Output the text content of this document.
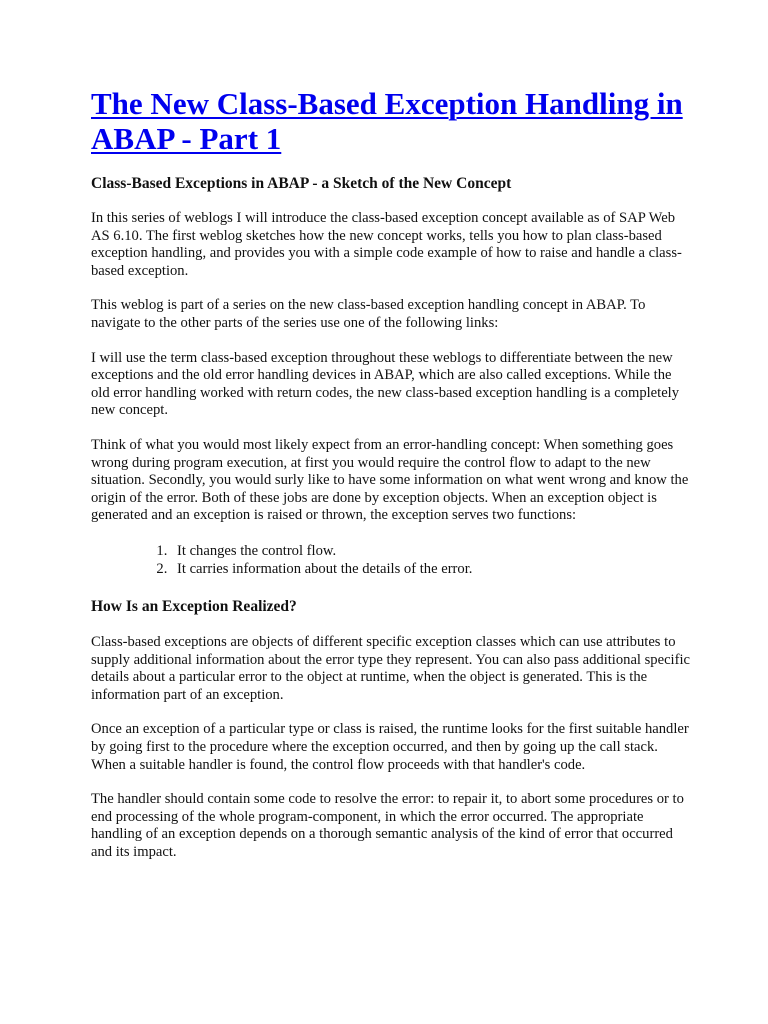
The New Class-Based Exception Handling in ABAP - Part 1
Class-Based Exceptions in ABAP - a Sketch of the New Concept

In this series of weblogs I will introduce the class-based exception concept available as of SAP Web AS 6.10. The first weblog sketches how the new concept works, tells you how to plan class-based exception handling, and provides you with a simple code example of how to raise and handle a class-based exception.

This weblog is part of a series on the new class-based exception handling concept in ABAP. To navigate to the other parts of the series use one of the following links:

I will use the term class-based exception throughout these weblogs to differentiate between the new exceptions and the old error handling devices in ABAP, which are also called exceptions. While the old error handling worked with return codes, the new class-based exception handling is a completely new concept.

Think of what you would most likely expect from an error-handling concept: When something goes wrong during program execution, at first you would require the control flow to adapt to the new situation. Secondly, you would surly like to have some information on what went wrong and know the origin of the error. Both of these jobs are done by exception objects. When an exception object is generated and an exception is raised or thrown, the exception serves two functions:

1. It changes the control flow.
2. It carries information about the details of the error.
How Is an Exception Realized?

Class-based exceptions are objects of different specific exception classes which can use attributes to supply additional information about the error type they represent. You can also pass additional specific details about a particular error to the object at runtime, when the object is generated. This is the information part of an exception.

Once an exception of a particular type or class is raised, the runtime looks for the first suitable handler by going first to the procedure where the exception occurred, and then by going up the call stack. When a suitable handler is found, the control flow proceeds with that handler's code.

The handler should contain some code to resolve the error: to repair it, to abort some procedures or to end processing of the whole program-component, in which the error occurred. The appropriate handling of an exception depends on a thorough semantic analysis of the kind of error that occurred and its impact.
